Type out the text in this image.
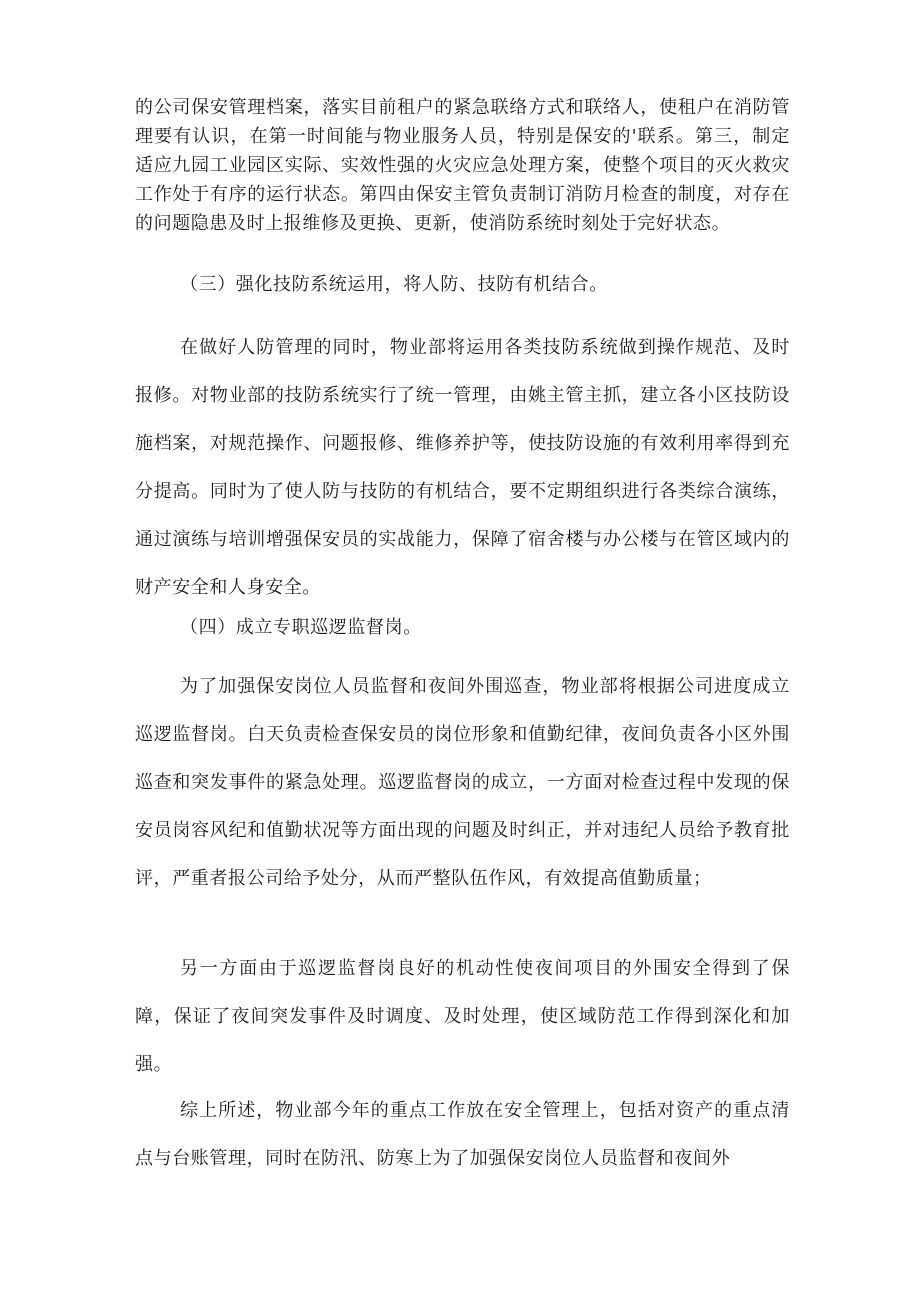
的公司保安管理档案，落实目前租户的紧急联络方式和联络人，使租户在消防管理要有认识，在第一时间能与物业服务人员，特别是保安的'联系。第三，制定适应九园工业园区实际、实效性强的火灾应急处理方案，使整个项目的灭火救灾工作处于有序的运行状态。第四由保安主管负责制订消防月检查的制度，对存在的问题隐患及时上报维修及更换、更新，使消防系统时刻处于完好状态。

（三）强化技防系统运用，将人防、技防有机结合。

在做好人防管理的同时，物业部将运用各类技防系统做到操作规范、及时报修。对物业部的技防系统实行了统一管理，由姚主管主抓，建立各小区技防设施档案，对规范操作、问题报修、维修养护等，使技防设施的有效利用率得到充分提高。同时为了使人防与技防的有机结合，要不定期组织进行各类综合演练，通过演练与培训增强保安员的实战能力，保障了宿舍楼与办公楼与在管区域内的财产安全和人身安全。

（四）成立专职巡逻监督岗。

为了加强保安岗位人员监督和夜间外围巡查，物业部将根据公司进度成立巡逻监督岗。白天负责检查保安员的岗位形象和值勤纪律，夜间负责各小区外围巡查和突发事件的紧急处理。巡逻监督岗的成立，一方面对检查过程中发现的保安员岗容风纪和值勤状况等方面出现的问题及时纠正，并对违纪人员给予教育批评，严重者报公司给予处分，从而严整队伍作风，有效提高值勤质量；

另一方面由于巡逻监督岗良好的机动性使夜间项目的外围安全得到了保障，保证了夜间突发事件及时调度、及时处理，使区域防范工作得到深化和加强。

综上所述，物业部今年的重点工作放在安全管理上，包括对资产的重点清点与台账管理，同时在防汛、防寒上为了加强保安岗位人员监督和夜间外
